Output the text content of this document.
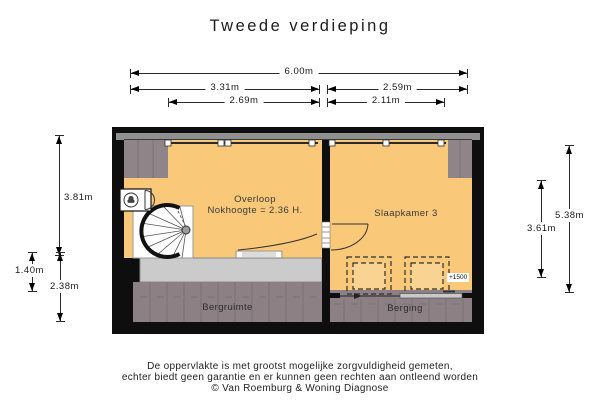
Tweede verdieping
6.00m
3.31m	2.59m
2.69m	2.11m
3.81m
1.40m
2.38m
5.38m
3.61m
Overloop
Nokhoogte = 2.36 H.	Slaapkamer 3
Bergruimte	Berging
+1500
De oppervlakte is met grootst mogelijke zorgvuldigheid gemeten,
echter biedt geen garantie en er kunnen geen rechten aan ontleend worden
© Van Roemburg & Woning Diagnose
